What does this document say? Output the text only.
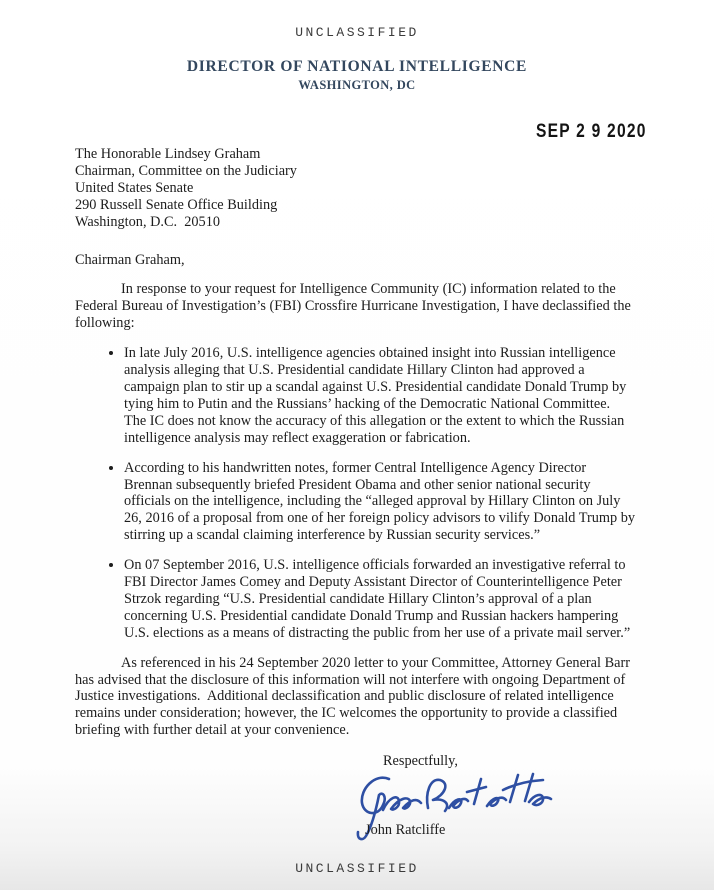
UNCLASSIFIED
DIRECTOR OF NATIONAL INTELLIGENCE
WASHINGTON, DC
SEP 2 9 2020
The Honorable Lindsey Graham
Chairman, Committee on the Judiciary
United States Senate
290 Russell Senate Office Building
Washington, D.C.  20510
Chairman Graham,

In response to your request for Intelligence Community (IC) information related to the Federal Bureau of Investigation’s (FBI) Crossfire Hurricane Investigation, I have declassified the following:

• In late July 2016, U.S. intelligence agencies obtained insight into Russian intelligence analysis alleging that U.S. Presidential candidate Hillary Clinton had approved a campaign plan to stir up a scandal against U.S. Presidential candidate Donald Trump by tying him to Putin and the Russians’ hacking of the Democratic National Committee.  The IC does not know the accuracy of this allegation or the extent to which the Russian intelligence analysis may reflect exaggeration or fabrication.
• According to his handwritten notes, former Central Intelligence Agency Director Brennan subsequently briefed President Obama and other senior national security officials on the intelligence, including the “alleged approval by Hillary Clinton on July 26, 2016 of a proposal from one of her foreign policy advisors to vilify Donald Trump by stirring up a scandal claiming interference by Russian security services.”
• On 07 September 2016, U.S. intelligence officials forwarded an investigative referral to FBI Director James Comey and Deputy Assistant Director of Counterintelligence Peter Strzok regarding “U.S. Presidential candidate Hillary Clinton’s approval of a plan concerning U.S. Presidential candidate Donald Trump and Russian hackers hampering U.S. elections as a means of distracting the public from her use of a private mail server.”

As referenced in his 24 September 2020 letter to your Committee, Attorney General Barr has advised that the disclosure of this information will not interfere with ongoing Department of Justice investigations.  Additional declassification and public disclosure of related intelligence remains under consideration; however, the IC welcomes the opportunity to provide a classified briefing with further detail at your convenience.

Respectfully,
John Ratcliffe
UNCLASSIFIED
